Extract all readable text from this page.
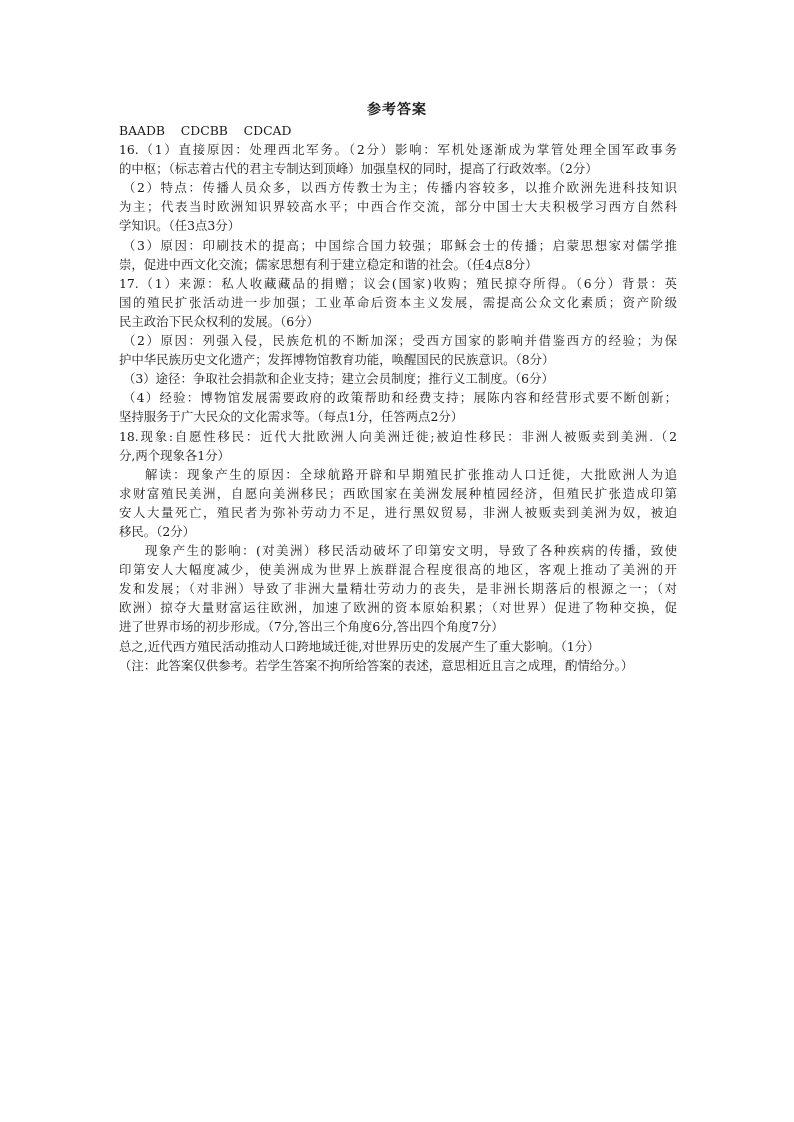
参考答案
BAADB    CDCBB    CDCAD
16.（1）直接原因：处理西北军务。（2分）影响：军机处逐渐成为掌管处理全国军政事务
的中枢；（标志着古代的君主专制达到顶峰）加强皇权的同时，提高了行政效率。（2分）
（2）特点：传播人员众多，以西方传教士为主；传播内容较多，以推介欧洲先进科技知识
为主；代表当时欧洲知识界较高水平；中西合作交流，部分中国士大夫积极学习西方自然科
学知识。（任3点3分）
（3）原因：印刷技术的提高；中国综合国力较强；耶稣会士的传播；启蒙思想家对儒学推
崇，促进中西文化交流；儒家思想有利于建立稳定和谐的社会。（任4点8分）
17.（1）来源：私人收藏藏品的捐赠；议会(国家)收购；殖民掠夺所得。（6分）背景：英
国的殖民扩张活动进一步加强；工业革命后资本主义发展，需提高公众文化素质；资产阶级
民主政治下民众权利的发展。（6分）
（2）原因：列强入侵，民族危机的不断加深；受西方国家的影响并借鉴西方的经验；为保
护中华民族历史文化遗产；发挥博物馆教育功能，唤醒国民的民族意识。（8分）
（3）途径：争取社会捐款和企业支持；建立会员制度；推行义工制度。（6分）
（4）经验：博物馆发展需要政府的政策帮助和经费支持；展陈内容和经营形式要不断创新；
坚持服务于广大民众的文化需求等。（每点1分，任答两点2分）
18.现象:自愿性移民：近代大批欧洲人向美洲迁徙;被迫性移民：非洲人被贩卖到美洲.（2
分,两个现象各1分）
解读：现象产生的原因：全球航路开辟和早期殖民扩张推动人口迁徙，大批欧洲人为追
求财富殖民美洲，自愿向美洲移民；西欧国家在美洲发展种植园经济，但殖民扩张造成印第
安人大量死亡，殖民者为弥补劳动力不足，进行黑奴贸易，非洲人被贩卖到美洲为奴，被迫
移民。（2分）
现象产生的影响：(对美洲）移民活动破坏了印第安文明，导致了各种疾病的传播，致使
印第安人大幅度减少，使美洲成为世界上族群混合程度很高的地区，客观上推动了美洲的开
发和发展；（对非洲）导致了非洲大量精壮劳动力的丧失，是非洲长期落后的根源之一；（对
欧洲）掠夺大量财富运往欧洲，加速了欧洲的资本原始积累；（对世界）促进了物种交换，促
进了世界市场的初步形成。（7分,答出三个角度6分,答出四个角度7分）
总之,近代西方殖民活动推动人口跨地域迁徙,对世界历史的发展产生了重大影响。（1分）
（注：此答案仅供参考。若学生答案不拘所给答案的表述，意思相近且言之成理，酌情给分。）
